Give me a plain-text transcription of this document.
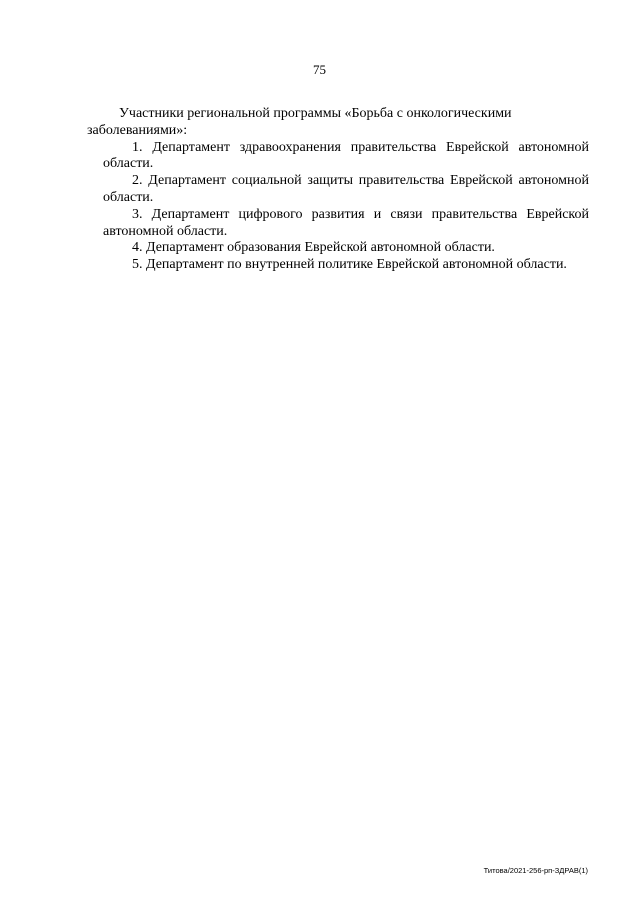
75

Участники региональной программы «Борьба с онкологическими
заболеваниями»:

1. Департамент здравоохранения правительства Еврейской автономной области.

2. Департамент социальной защиты правительства Еврейской автономной области.

3. Департамент цифрового развития и связи правительства Еврейской автономной области.

4. Департамент образования Еврейской автономной области.

5. Департамент по внутренней политике Еврейской автономной области.

Титова/2021-256-рп-ЗДРАВ(1)
